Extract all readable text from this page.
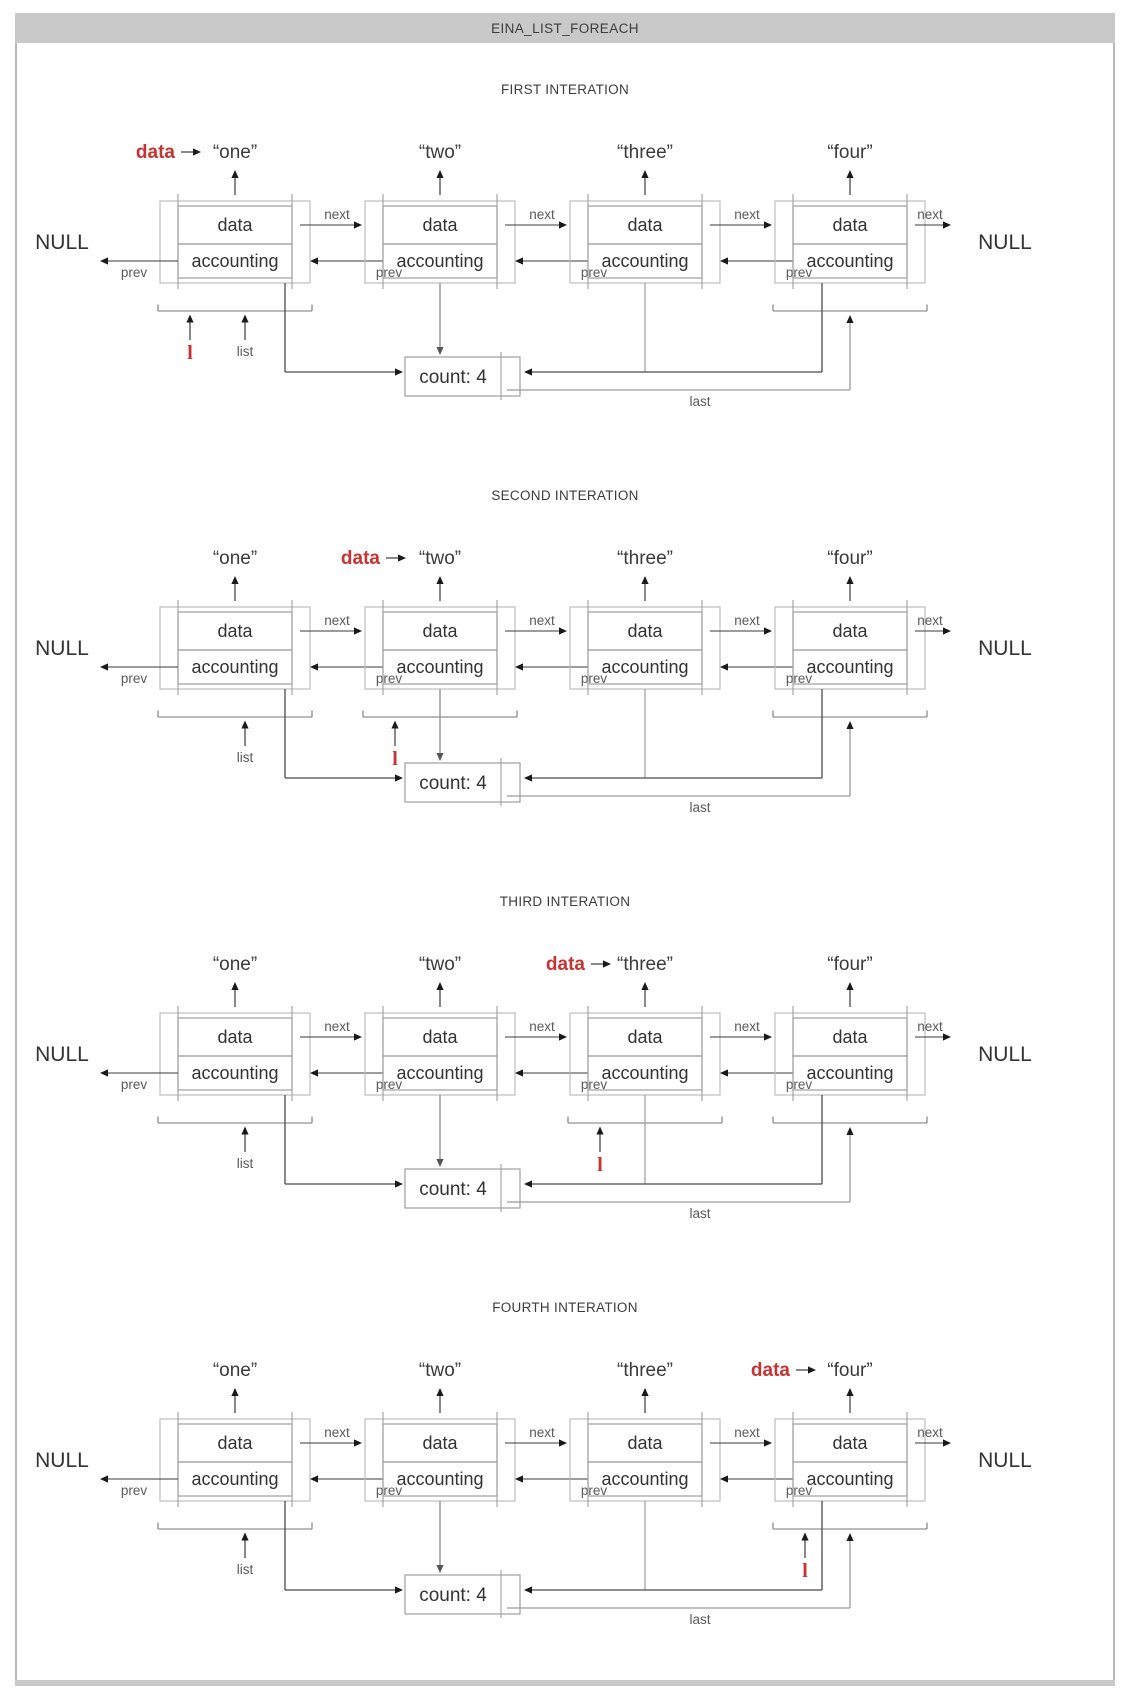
EINA_LIST_FOREACH
FIRST INTERATION
data
accounting
“one”
data
next
prev
data
accounting
“two”
next
prev
data
accounting
“three”
next
prev
data
accounting
“four”
prev
NULL
next
NULL
list
l
count: 4
last
SECOND INTERATION
data
accounting
“one”
next
prev
data
accounting
“two”
data
next
prev
data
accounting
“three”
next
prev
data
accounting
“four”
prev
NULL
next
NULL
list	l
count: 4
last
THIRD INTERATION
data
accounting
“one”
next
prev
data
accounting
“two”
next
prev
data
accounting
“three”
data
next
prev
data
accounting
“four”
prev
NULL
next
NULL
list	l
count: 4
last
FOURTH INTERATION
data
accounting
“one”
next
prev
data
accounting
“two”
next
prev
data
accounting
“three”
next
prev
data
accounting
“four”
data
prev
NULL
next
NULL
list	l
count: 4
last
